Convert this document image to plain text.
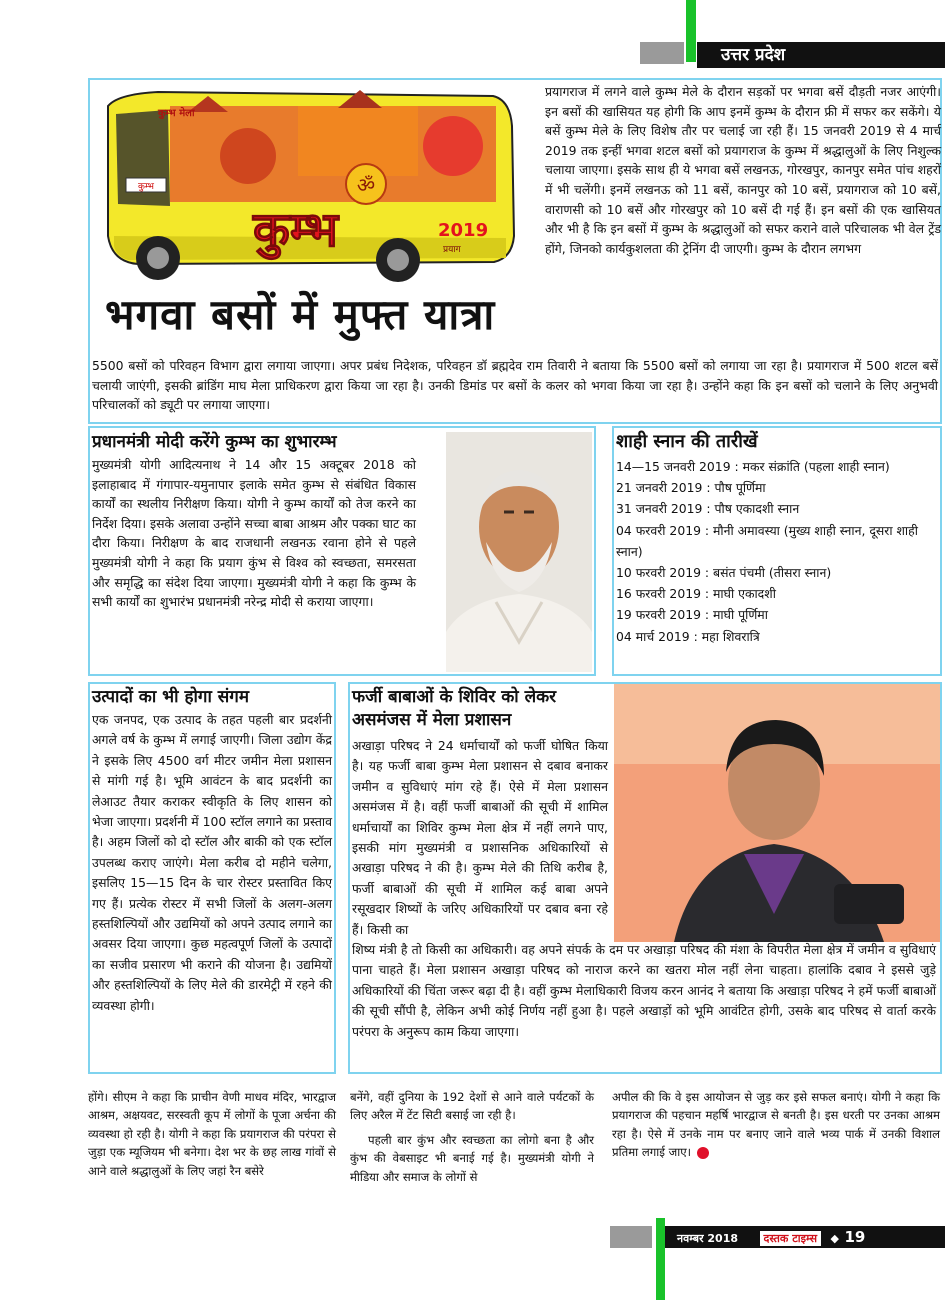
उत्तर प्रदेश
ॐ
कुम्भ	2019
प्रयाग
कुम्भ
कुम्भ मेला
भगवा बसों में मुफ्त यात्रा

प्रयागराज में लगने वाले कुम्भ मेले के दौरान सड़कों पर भगवा बसें दौड़ती नजर आएंगी। इन बसों की खासियत यह होगी कि आप इनमें कुम्भ के दौरान फ्री में सफर कर सकेंगे। ये बसें कुम्भ मेले के लिए विशेष तौर पर चलाई जा रही हैं। 15 जनवरी 2019 से 4 मार्च 2019 तक इन्हीं भगवा शटल बसों को प्रयागराज के कुम्भ में श्रद्धालुओं के लिए निशुल्क चलाया जाएगा। इसके साथ ही ये भगवा बसें लखनऊ, गोरखपुर, कानपुर समेत पांच शहरों में भी चलेंगी। इनमें लखनऊ को 11 बसें, कानपुर को 10 बसें, प्रयागराज को 10 बसें, वाराणसी को 10 बसें और गोरखपुर को 10 बसें दी गई हैं। इन बसों की एक खासियत और भी है कि इन बसों में कुम्भ के श्रद्धालुओं को सफर कराने वाले परिचालक भी वेल ट्रेंड होंगे, जिनको कार्यकुशलता की ट्रेनिंग दी जाएगी। कुम्भ के दौरान लगभग

5500 बसों को परिवहन विभाग द्वारा लगाया जाएगा। अपर प्रबंध निदेशक, परिवहन डॉ ब्रह्मदेव राम तिवारी ने बताया कि 5500 बसों को लगाया जा रहा है। प्रयागराज में 500 शटल बसें चलायी जाएंगी, इसकी ब्रांडिंग माघ मेला प्राधिकरण द्वारा किया जा रहा है। उनकी डिमांड पर बसों के कलर को भगवा किया जा रहा है। उन्होंने कहा कि इन बसों को चलाने के लिए अनुभवी परिचालकों को ड्यूटी पर लगाया जाएगा।

प्रधानमंत्री मोदी करेंगे कुम्भ का शुभारम्भ

मुख्यमंत्री योगी आदित्यनाथ ने 14 और 15 अक्टूबर 2018 को इलाहाबाद में गंगापार-यमुनापार इलाके समेत कुम्भ से संबंधित विकास कार्यों का स्थलीय निरीक्षण किया। योगी ने कुम्भ कार्यों को तेज करने का निर्देश दिया। इसके अलावा उन्होंने सच्चा बाबा आश्रम और पक्का घाट का दौरा किया। निरीक्षण के बाद राजधानी लखनऊ रवाना होने से पहले मुख्यमंत्री योगी ने कहा कि प्रयाग कुंभ से विश्व को स्वच्छता, समरसता और समृद्धि का संदेश दिया जाएगा। मुख्यमंत्री योगी ने कहा कि कुम्भ के सभी कार्यों का शुभारंभ प्रधानमंत्री नरेन्द्र मोदी से कराया जाएगा।

शाही स्नान की तारीखें

14—15 जनवरी 2019 : मकर संक्रांति (पहला शाही स्नान)

21 जनवरी 2019 : पौष पूर्णिमा

31 जनवरी 2019 : पौष एकादशी स्नान

04 फरवरी 2019 : मौनी अमावस्या (मुख्य शाही स्नान, दूसरा शाही स्नान)

10 फरवरी 2019 : बसंत पंचमी (तीसरा स्नान)

16 फरवरी 2019 : माघी एकादशी

19 फरवरी 2019 : माघी पूर्णिमा

04 मार्च 2019 : महा शिवरात्रि

उत्पादों का भी होगा संगम

एक जनपद, एक उत्पाद के तहत पहली बार प्रदर्शनी अगले वर्ष के कुम्भ में लगाई जाएगी। जिला उद्योग केंद्र ने इसके लिए 4500 वर्ग मीटर जमीन मेला प्रशासन से मांगी गई है। भूमि आवंटन के बाद प्रदर्शनी का लेआउट तैयार कराकर स्वीकृति के लिए शासन को भेजा जाएगा। प्रदर्शनी में 100 स्टॉल लगाने का प्रस्ताव है। अहम जिलों को दो स्टॉल और बाकी को एक स्टॉल उपलब्ध कराए जाएंगे। मेला करीब दो महीने चलेगा, इसलिए 15—15 दिन के चार रोस्टर प्रस्तावित किए गए हैं। प्रत्येक रोस्टर में सभी जिलों के अलग-अलग हस्तशिल्पियों और उद्यमियों को अपने उत्पाद लगाने का अवसर दिया जाएगा। कुछ महत्वपूर्ण जिलों के उत्पादों का सजीव प्रसारण भी कराने की योजना है। उद्यमियों और हस्तशिल्पियों के लिए मेले की डारमेट्री में रहने की व्यवस्था होगी।

फर्जी बाबाओं के शिविर को लेकर
असमंजस में मेला प्रशासन

अखाड़ा परिषद ने 24 धर्माचार्यों को फर्जी घोषित किया है। यह फर्जी बाबा कुम्भ मेला प्रशासन से दबाव बनाकर जमीन व सुविधाएं मांग रहे हैं। ऐसे में मेला प्रशासन असमंजस में है। वहीं फर्जी बाबाओं की सूची में शामिल धर्माचार्यों का शिविर कुम्भ मेला क्षेत्र में नहीं लगने पाए, इसकी मांग मुख्यमंत्री व प्रशासनिक अधिकारियों से अखाड़ा परिषद ने की है। कुम्भ मेले की तिथि करीब है, फर्जी बाबाओं की सूची में शामिल कई बाबा अपने रसूखदार शिष्यों के जरिए अधिकारियों पर दबाव बना रहे हैं। किसी का

शिष्य मंत्री है तो किसी का अधिकारी। वह अपने संपर्क के दम पर अखाड़ा परिषद की मंशा के विपरीत मेला क्षेत्र में जमीन व सुविधाएं पाना चाहते हैं। मेला प्रशासन अखाड़ा परिषद को नाराज करने का खतरा मोल नहीं लेना चाहता। हालांकि दबाव ने इससे जुड़े अधिकारियों की चिंता जरूर बढ़ा दी है। वहीं कुम्भ मेलाधिकारी विजय करन आनंद ने बताया कि अखाड़ा परिषद ने हमें फर्जी बाबाओं की सूची सौंपी है, लेकिन अभी कोई निर्णय नहीं हुआ है। पहले अखाड़ों को भूमि आवंटित होगी, उसके बाद परिषद से वार्ता करके परंपरा के अनुरूप काम किया जाएगा।

होंगे। सीएम ने कहा कि प्राचीन वेणी माधव मंदिर, भारद्वाज आश्रम, अक्षयवट, सरस्वती कूप में लोगों के पूजा अर्चना की व्यवस्था हो रही है। योगी ने कहा कि प्रयागराज की परंपरा से जुड़ा एक म्यूजियम भी बनेगा। देश भर के छह लाख गांवों से आने वाले श्रद्धालुओं के लिए जहां रैन बसेरे

बनेंगे, वहीं दुनिया के 192 देशों से आने वाले पर्यटकों के लिए अरैल में टेंट सिटी बसाई जा रही है।

पहली बार कुंभ और स्वच्छता का लोगो बना है और कुंभ की वेबसाइट भी बनाई गई है। मुख्यमंत्री योगी ने मीडिया और समाज के लोगों से

अपील की कि वे इस आयोजन से जुड़ कर इसे सफल बनाएं। योगी ने कहा कि प्रयागराज की पहचान महर्षि भारद्वाज से बनती है। इस धरती पर उनका आश्रम रहा है। ऐसे में उनके नाम पर बनाए जाने वाले भव्य पार्क में उनकी विशाल प्रतिमा लगाई जाए।

नवम्बर 2018 दस्तक टाइम्स ◆ 19
